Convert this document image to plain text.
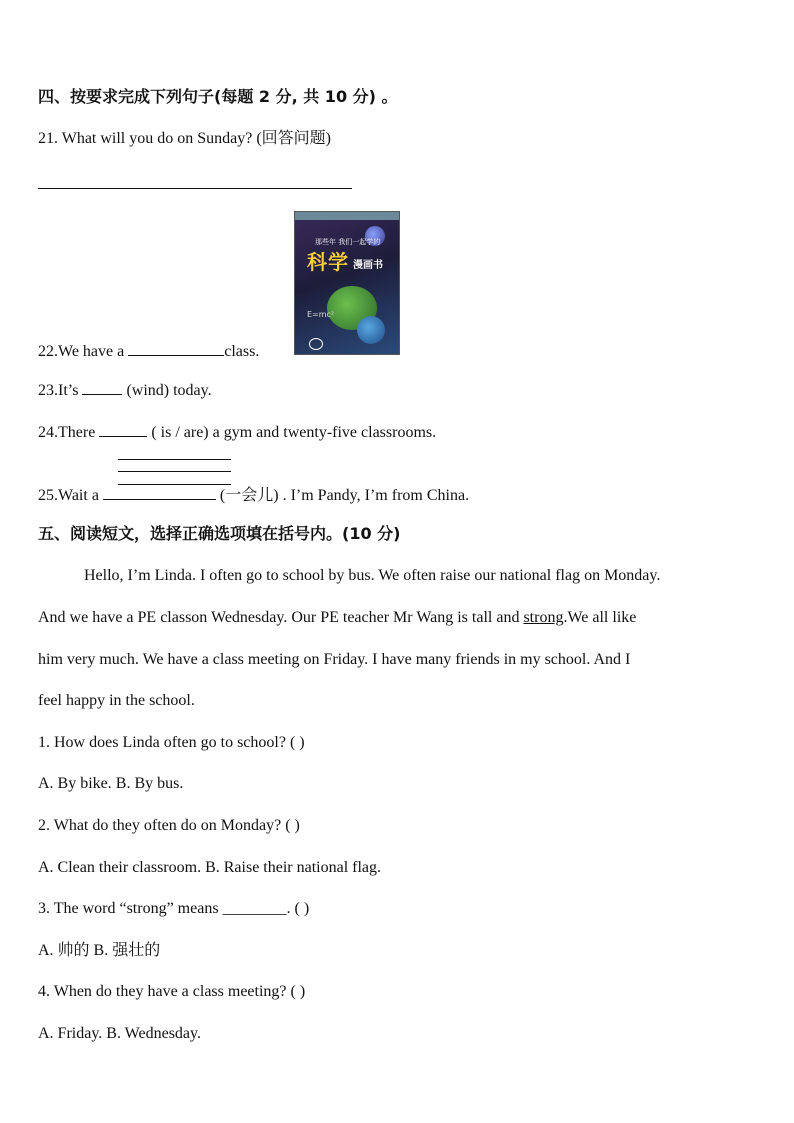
四、按要求完成下列句子(每题 2 分, 共 10 分) 。
21. What will you do on Sunday? (回答问题)
那些年 我们一起学的
科学 漫画书
E=mc²
22.We have a	class.
23.It’s	(wind) today.
24.There	( is / are) a gym and twenty-five classrooms.
25.Wait a	(一会儿) . I’m Pandy, I’m from China.
五、阅读短文，选择正确选项填在括号内。(10 分)
Hello, I’m Linda. I often go to school by bus. We often raise our national flag on Monday.
And we have a PE classon Wednesday. Our PE teacher Mr Wang is tall and strong.We all like
him very much. We have a class meeting on Friday. I have many friends in my school. And I
feel happy in the school.
1. How does Linda often go to school? ( )
A. By bike. B. By bus.
2. What do they often do on Monday? ( )
A. Clean their classroom. B. Raise their national flag.
3. The word “strong” means ________. ( )
A. 帅的 B. 强壮的
4. When do they have a class meeting? ( )
A. Friday. B. Wednesday.
